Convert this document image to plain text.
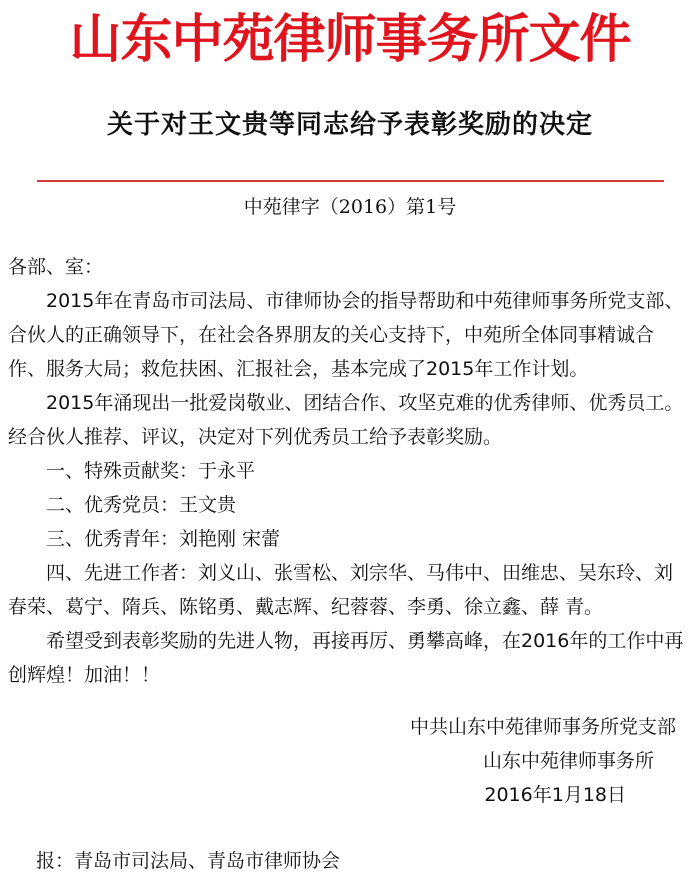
山东中苑律师事务所文件
关于对王文贵等同志给予表彰奖励的决定
中苑律字（2016）第1号

各部、室：

2015年在青岛市司法局、市律师协会的指导帮助和中苑律师事务所党支部、合伙人的正确领导下，在社会各界朋友的关心支持下，中苑所全体同事精诚合作、服务大局；救危扶困、汇报社会，基本完成了2015年工作计划。

2015年涌现出一批爱岗敬业、团结合作、攻坚克难的优秀律师、优秀员工。经合伙人推荐、评议，决定对下列优秀员工给予表彰奖励。

一、特殊贡献奖：于永平

二、优秀党员：王文贵

三、优秀青年：刘艳刚 宋蕾

四、先进工作者：刘义山、张雪松、刘宗华、马伟中、田维忠、吴东玲、刘春荣、葛宁、隋兵、陈铭勇、戴志辉、纪蓉蓉、李勇、徐立鑫、薛 青。

希望受到表彰奖励的先进人物，再接再厉、勇攀高峰，在2016年的工作中再创辉煌！加油！！

中共山东中苑律师事务所党支部
山东中苑律师事务所
2016年1月18日
报：青岛市司法局、青岛市律师协会
